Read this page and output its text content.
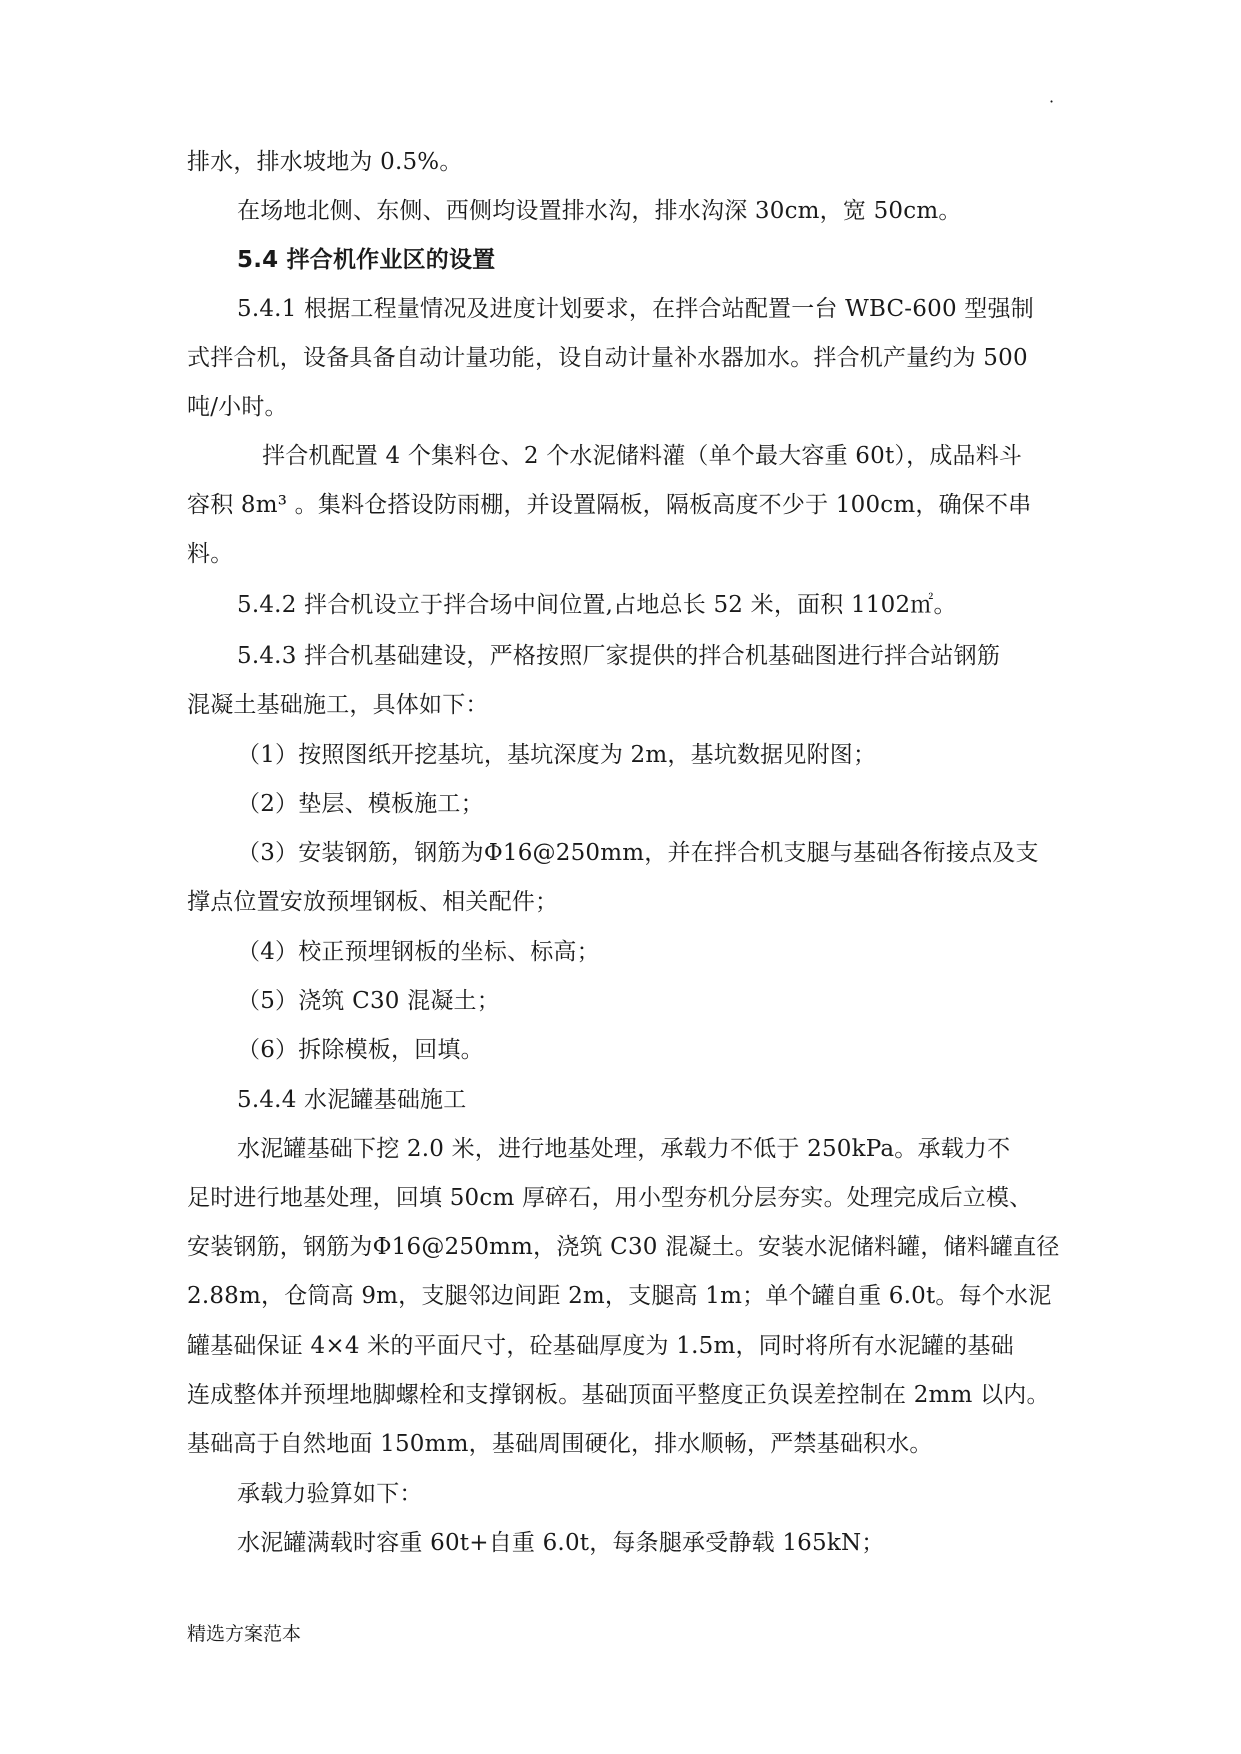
·
排水，排水坡地为 0.5%。
在场地北侧、东侧、西侧均设置排水沟，排水沟深 30cm，宽 50cm。
5.4 拌合机作业区的设置
5.4.1 根据工程量情况及进度计划要求，在拌合站配置一台 WBC-600 型强制
式拌合机，设备具备自动计量功能，设自动计量补水器加水。拌合机产量约为 500
吨/小时。
拌合机配置 4 个集料仓、2 个水泥储料灌（单个最大容重 60t），成品料斗
容积 8m³ 。集料仓搭设防雨棚，并设置隔板，隔板高度不少于 100cm，确保不串
料。
5.4.2 拌合机设立于拌合场中间位置,占地总长 52 米，面积 1102㎡。
5.4.3 拌合机基础建设，严格按照厂家提供的拌合机基础图进行拌合站钢筋
混凝土基础施工，具体如下：
（1）按照图纸开挖基坑，基坑深度为 2m，基坑数据见附图；
（2）垫层、模板施工；
（3）安装钢筋，钢筋为Φ16@250mm，并在拌合机支腿与基础各衔接点及支
撑点位置安放预埋钢板、相关配件；
（4）校正预埋钢板的坐标、标高；
（5）浇筑 C30 混凝土；
（6）拆除模板，回填。
5.4.4 水泥罐基础施工
水泥罐基础下挖 2.0 米，进行地基处理，承载力不低于 250kPa。承载力不
足时进行地基处理，回填 50cm 厚碎石，用小型夯机分层夯实。处理完成后立模、
安装钢筋，钢筋为Φ16@250mm，浇筑 C30 混凝土。安装水泥储料罐，储料罐直径
2.88m，仓筒高 9m，支腿邻边间距 2m，支腿高 1m；单个罐自重 6.0t。每个水泥
罐基础保证 4×4 米的平面尺寸，砼基础厚度为 1.5m，同时将所有水泥罐的基础
连成整体并预埋地脚螺栓和支撑钢板。基础顶面平整度正负误差控制在 2mm 以内。
基础高于自然地面 150mm，基础周围硬化，排水顺畅，严禁基础积水。
承载力验算如下：
水泥罐满载时容重 60t+自重 6.0t，每条腿承受静载 165kN；
精选方案范本
